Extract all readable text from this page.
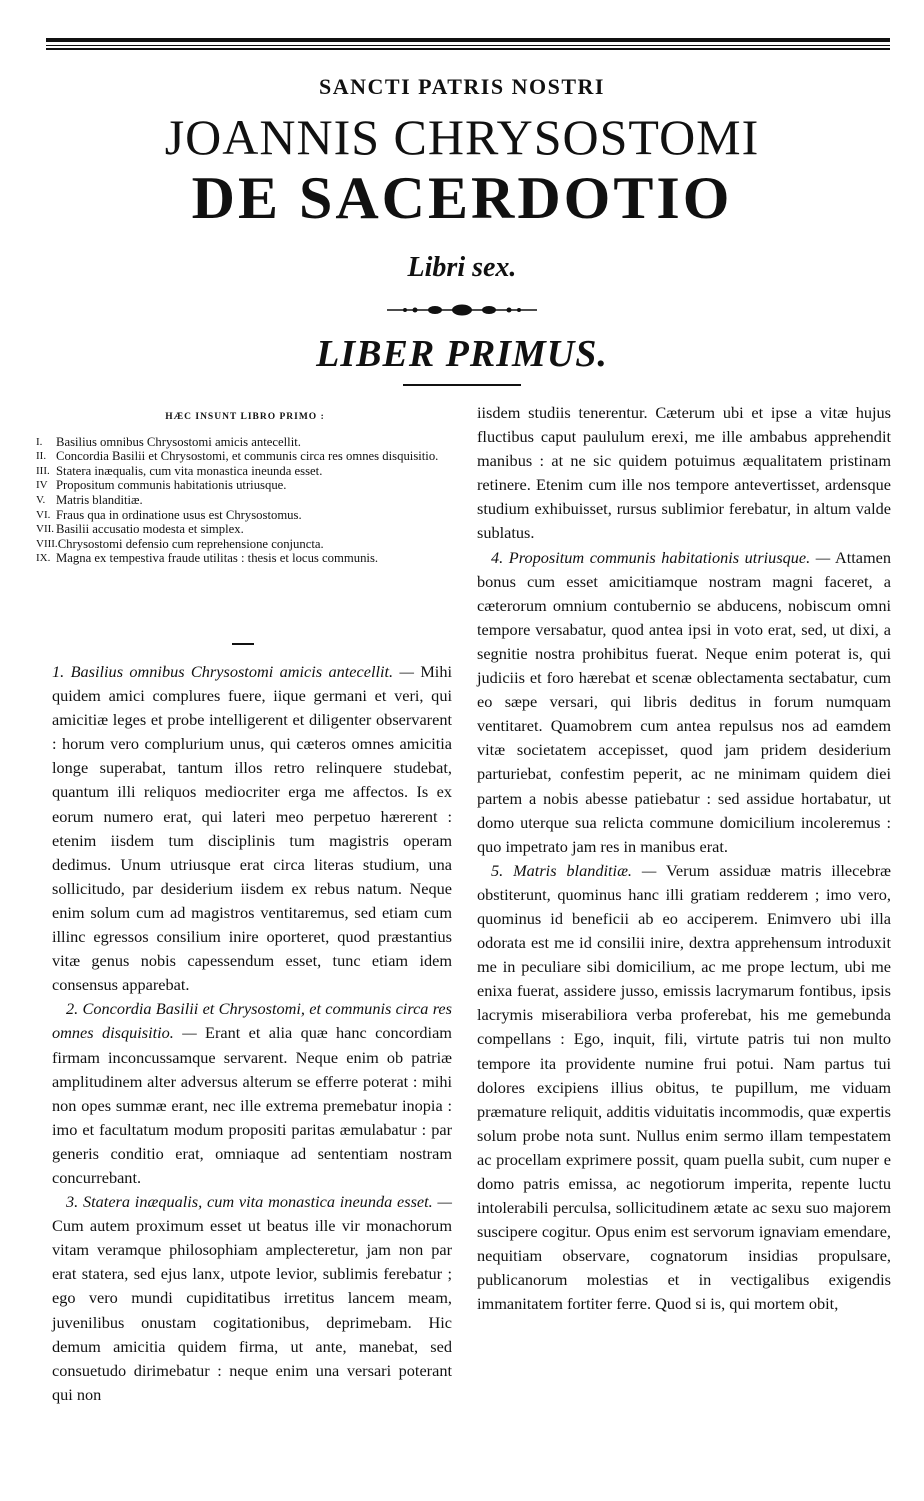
SANCTI PATRIS NOSTRI
JOANNIS CHRYSOSTOMI
DE SACERDOTIO
Libri sex.
LIBER PRIMUS.
HÆC INSUNT LIBRO PRIMO :
I.	Basilius omnibus Chrysostomi amicis antecellit.
II. Concordia Basilii et Chrysostomi, et communis circa res omnes disquisitio.
III. Statera inæqualis, cum vita monastica ineunda esset.
IV Propositum communis habitationis utriusque.
V. Matris blanditiæ.
VI. Fraus qua in ordinatione usus est Chrysostomus.
VII. Basilii accusatio modesta et simplex.
VIII. Chrysostomi defensio cum reprehensione conjuncta.
IX. Magna ex tempestiva fraude utilitas : thesis et locus communis.

1. Basilius omnibus Chrysostomi amicis antecellit. — Mihi quidem amici complures fuere, iique germani et veri, qui amicitiæ leges et probe intelligerent et diligenter observarent : horum vero complurium unus, qui cæteros omnes amicitia longe superabat, tantum illos retro relinquere studebat, quantum illi reliquos mediocriter erga me affectos. Is ex eorum numero erat, qui lateri meo perpetuo hærerent : etenim iisdem tum disciplinis tum magistris operam dedimus. Unum utriusque erat circa literas studium, una sollicitudo, par desiderium iisdem ex rebus natum. Neque enim solum cum ad magistros ventitaremus, sed etiam cum illinc egressos consilium inire oporteret, quod præstantius vitæ genus nobis capessendum esset, tunc etiam idem consensus apparebat.

2. Concordia Basilii et Chrysostomi, et communis circa res omnes disquisitio. — Erant et alia quæ hanc concordiam firmam inconcussamque servarent. Neque enim ob patriæ amplitudinem alter adversus alterum se efferre poterat : mihi non opes summæ erant, nec ille extrema premebatur inopia : imo et facultatum modum propositi paritas æmulabatur : par generis conditio erat, omniaque ad sententiam nostram concurrebant.

3. Statera inæqualis, cum vita monastica ineunda esset. — Cum autem proximum esset ut beatus ille vir monachorum vitam veramque philosophiam amplecteretur, jam non par erat statera, sed ejus lanx, utpote levior, sublimis ferebatur ; ego vero mundi cupiditatibus irretitus lancem meam, juvenilibus onustam cogitationibus, deprimebam. Hic demum amicitia quidem firma, ut ante, manebat, sed consuetudo dirimebatur : neque enim una versari poterant qui non

iisdem studiis tenerentur. Cæterum ubi et ipse a vitæ hujus fluctibus caput paululum erexi, me ille ambabus apprehendit manibus : at ne sic quidem potuimus æqualitatem pristinam retinere. Etenim cum ille nos tempore antevertisset, ardensque studium exhibuisset, rursus sublimior ferebatur, in altum valde sublatus.

4. Propositum communis habitationis utriusque. — Attamen bonus cum esset amicitiamque nostram magni faceret, a cæterorum omnium contubernio se abducens, nobiscum omni tempore versabatur, quod antea ipsi in voto erat, sed, ut dixi, a segnitie nostra prohibitus fuerat. Neque enim poterat is, qui judiciis et foro hærebat et scenæ oblectamenta sectabatur, cum eo sæpe versari, qui libris deditus in forum numquam ventitaret. Quamobrem cum antea repulsus nos ad eamdem vitæ societatem accepisset, quod jam pridem desiderium parturiebat, confestim peperit, ac ne minimam quidem diei partem a nobis abesse patiebatur : sed assidue hortabatur, ut domo uterque sua relicta commune domicilium incoleremus : quo impetrato jam res in manibus erat.

5. Matris blanditiæ. — Verum assiduæ matris illecebræ obstiterunt, quominus hanc illi gratiam redderem ; imo vero, quominus id beneficii ab eo acciperem. Enimvero ubi illa odorata est me id consilii inire, dextra apprehensum introduxit me in peculiare sibi domicilium, ac me prope lectum, ubi me enixa fuerat, assidere jusso, emissis lacrymarum fontibus, ipsis lacrymis miserabiliora verba proferebat, his me gemebunda compellans : Ego, inquit, fili, virtute patris tui non multo tempore ita providente numine frui potui. Nam partus tui dolores excipiens illius obitus, te pupillum, me viduam præmature reliquit, additis viduitatis incommodis, quæ expertis solum probe nota sunt. Nullus enim sermo illam tempestatem ac procellam exprimere possit, quam puella subit, cum nuper e domo patris emissa, ac negotiorum imperita, repente luctu intolerabili perculsa, sollicitudinem ætate ac sexu suo majorem suscipere cogitur. Opus enim est servorum ignaviam emendare, nequitiam observare, cognatorum insidias propulsare, publicanorum molestias et in vectigalibus exigendis immanitatem fortiter ferre. Quod si is, qui mortem obit,
